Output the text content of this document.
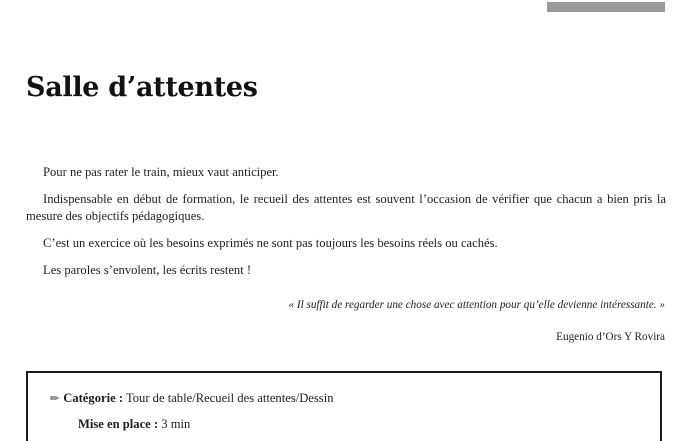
Salle d’attentes

Pour ne pas rater le train, mieux vaut anticiper.

Indispensable en début de formation, le recueil des attentes est souvent l’occasion de vérifier que chacun a bien pris la mesure des objectifs pédagogiques.

C’est un exercice où les besoins exprimés ne sont pas toujours les besoins réels ou cachés.

Les paroles s’envolent, les écrits restent !

« Il suffit de regarder une chose avec attention pour qu’elle devienne intéressante. »
Eugenio d’Ors Y Rovira
✏ Catégorie : Tour de table/Recueil des attentes/Dessin
Mise en place : 3 min
